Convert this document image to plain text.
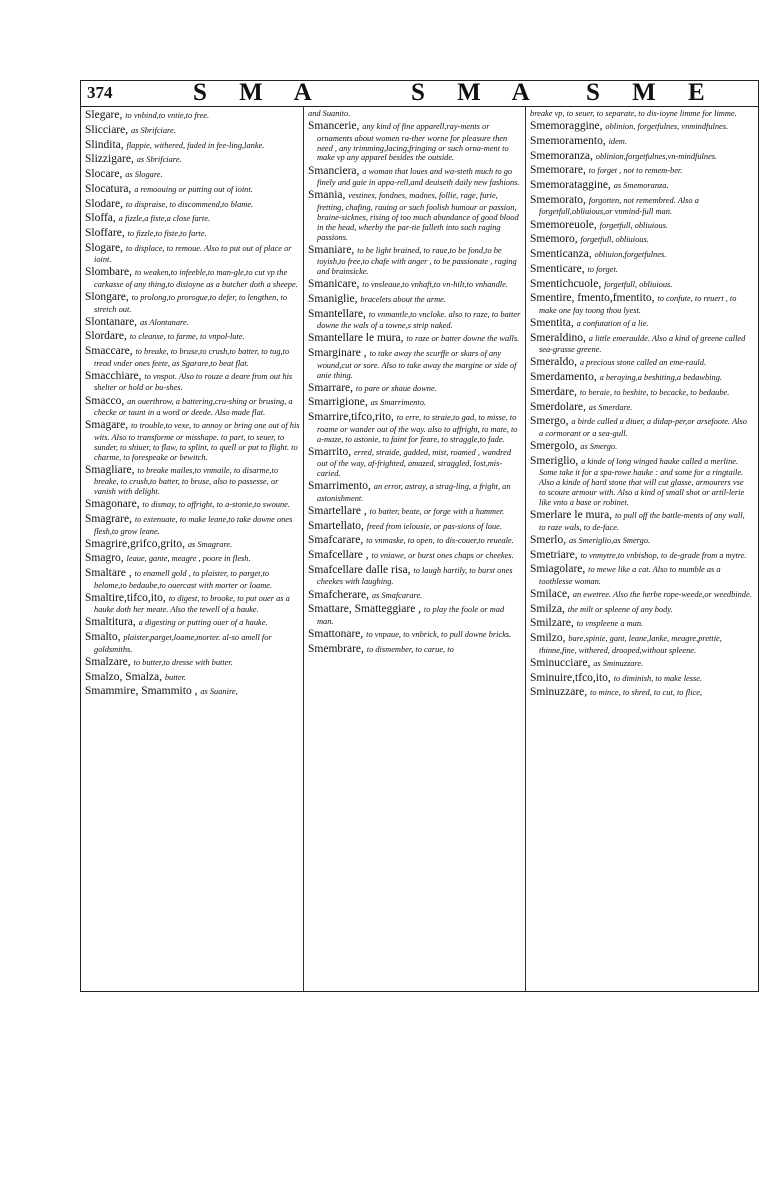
374	S M A	S M A S M E
Slegare, to vnbind,to vntie,to free.
Slicciare, as Sbrifciare.
Slindita, flappie, withered, faded in fee-ling,lanke.
Slizzigare, as Sbrifciare.
Slocare, as Slogare.
Slocatura, a remoouing or putting out of ioint.
Slodare, to dispraise, to discommend,to blame.
Sloffa, a fizzle,a fiste,a close farte.
Sloffare, to fizzle,to fiste,to farte.
Slogare, to displace, to remoue. Also to put out of place or ioint.
Slombare, to weaken,to infeeble,to man-gle,to cut vp the carkasse of any thing,to disioyne as a butcher doth a sheepe.
Slongare, to prolong,to prorogue,to defer, to lengthen, to stretch out.
Slontanare, as Alontanare.
Slordare, to cleanse, to farme, to vnpol-lute.
Smaccare, to breake, to bruse,to crush,to batter, to tug,to tread vnder ones feete, as Sgarare,to beat flat.
Smacchiare, to vnspot. Also to rouze a deare from out his shelter or hold or bu-shes.
Smacco, an ouerthrow, a battering,cru-shing or brusing, a checke or taunt in a word or deede. Also made flat.
Smagare, to trouble,to vexe, to annoy or bring one out of his wits. Also to transforme or misshape. to part, to seuer, to sunder, to shiuer, to flaw, to splint, to quell or put to flight. to charme, to forespeake or bewitch.
Smagliare, to breake mailes,to vnmaile, to disarme,to breake, to crush,to batter, to bruse, also to passesse, or vanish with delight.
Smagonare, to dismay, to affright, to a-stonie,to swoune.
Smagrare, to extenuate, to make leane,to take downe ones flesh,to grow leane.
Smagrire,grifco,grito, as Smagrare.
Smagro, leaue, gante, meagre , poore in flesh.
Smaltare , to enamell gold , to plaister, to parget,to belome,to bedaube,to ouercast with morter or loame.
Smaltire,tifco,ito, to digest, to brooke, to put ouer as a hauke doth her meate. Also the tewell of a hauke.
Smaltitura, a digesting or putting ouer of a hauke.
Smalto, plaister,parget,loame,morter. al-so amell for goldsmiths.
Smalzare, to butter,to dresse with butter.
Smalzo, Smalza, butter.
Smammire, Smammito , as Suanire,
and Suanito.
Smancerie, any kind of fine apparell,ray-ments or ornaments about women ra-ther worne for pleasure then need , any trimming,lacing,fringing or such orna-ment to make vp any apparel besides the outside.
Smanciera, a woman that loues and wa-steth much to go finely and gaie in appa-rell,and deuiseth daily new fashions.
Smania, vestines, fondnes, madnes, follie, rage, furie, fretting, chafing, rauing or such foolish humour or passion, braine-sicknes, rising of too much abundance of good blood in the head, wherby the par-tie falleth into such raging passions.
Smaniare, to be light brained, to raue,to be fond,to be toyish,to free,to chafe with anger , to be passionate , raging and brainsicke.
Smanicare, to vnsleaue,to vnhaft,to vn-hilt,to vnhandle.
Smaniglie, bracelets about the arme.
Smantellare, to vnmantle,to vncloke. also to raze, to batter downe the wals of a towne,s strip naked.
Smantellare le mura, to raze or batter downe the walls.
Smarginare , to take away the scurffe or skars of any wound,cut or sore. Also to take away the margine or side of anie thing.
Smarrare, to pare or shaue downe.
Smarrigione, as Smarrimento.
Smarrire,tifco,rito, to erre, to straie,to gad, to misse, to roame or wander out of the way. also to affright, to mate, to a-maze, to astonie, to faint for feare, to straggle,to fade.
Smarrito, erred, straide, gadded, mist, roamed , wandred out of the way, af-frighted, amazed, straggled, lost,mis-caried.
Smarrimento, an error, astray, a strag-ling, a fright, an astonishment.
Smartellare , to batter, beate, or forge with a hammer.
Smartellato, freed from ielousie, or pas-sions of loue.
Smafcarare, to vnmaske, to open, to dis-couer,to reueale.
Smafcellare , to vniawe, or burst ones chaps or cheekes.
Smafcellare dalle risa, to laugh hartily, to burst ones cheekes with laughing.
Smafcherare, as Smafcarare.
Smattare, Smatteggiare , to play the foole or mad man.
Smattonare, to vnpaue, to vnbrick, to pull downe bricks.
Smembrare, to dismember, to carue, to
breake vp, to seuer, to separate, to dis-ioyne limme for limme.
Smemoraggine, oblinion, forgetfulnes, vnmindfulnes.
Smemoramento, idem.
Smemoranza, oblinion,forgetfulnes,vn-mindfulnes.
Smemorare, to forget , not to remem-ber.
Smemorataggine, as Smemoranza.
Smemorato, forgotten, not remembred. Also a forgetfull,obliuious,or vnmind-full man.
Smemoreuole, forgetfull, obliuious.
Smemoro, forgetfull, obliuious.
Smenticanza, obliuion,forgetfulnes.
Smenticare, to forget.
Smentichcuole, forgetfull, obliuious.
Smentire, fmento,fmentito, to confute, to reuert , to make one fay toong thou lyest.
Smentita, a confutation of a lie.
Smeraldino, a little emeraulde. Also a kind of greene called sea-grasse greene.
Smeraldo, a precious stone called an eme-rauld.
Smerdamento, a beraying,a beshiting,a bedawbing.
Smerdare, to beraie, to beshite, to becacke, to bedaube.
Smerdolare, as Smerdare.
Smergo, a birde called a diuer, a didap-per,or arsefoote. Also a cormorant or a sea-gull.
Smergolo, as Smergo.
Smeriglio, a kinde of long winged hauke called a merline. Some take it for a spa-rowe hauke : and some for a ringtaile. Also a kinde of hard stone that will cut glasse, armourers vse to scoure armour with. Also a kind of small shot or artil-lerie like vnto a base or robinet.
Smerlare le mura, to pull off the battle-ments of any wall, to raze wals, to de-face.
Smerlo, as Smeriglio,as Smergo.
Smetriare, to vnmytre,to vnbishop, to de-grade from a mytre.
Smiagolare, to mewe like a cat. Also to mumble as a toothlesse woman.
Smilace, an ewetree. Also the herbe rope-weede,or weedbinde.
Smilza, the milt or spleene of any body.
Smilzare, to vnspleene a man.
Smilzo, bare,spinie, gant, leane,lanke, meagre,prettie, thinne,fine, withered, drooped,without spleene.
Sminucciare, as Sminuzzare.
Sminuire,tfco,ito, to diminish, to make lesse.
Sminuzzare, to mince, to shred, to cut, to flice,
